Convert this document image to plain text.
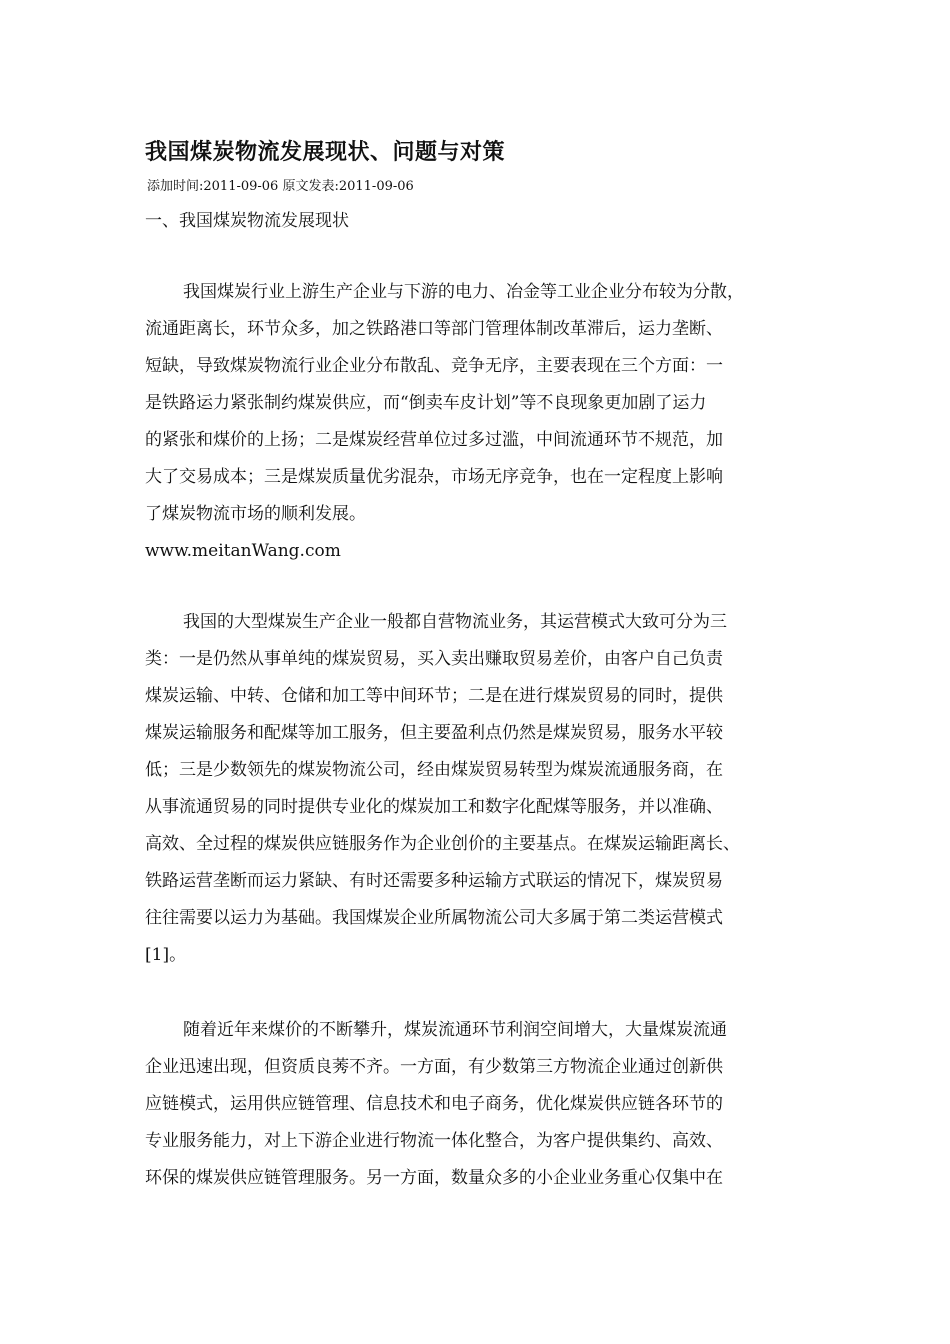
我国煤炭物流发展现状、问题与对策
添加时间:2011-09-06 原文发表:2011-09-06
一、我国煤炭物流发展现状
我国煤炭行业上游生产企业与下游的电力、冶金等工业企业分布较为分散，
流通距离长，环节众多，加之铁路港口等部门管理体制改革滞后，运力垄断、
短缺，导致煤炭物流行业企业分布散乱、竞争无序，主要表现在三个方面：一
是铁路运力紧张制约煤炭供应，而“倒卖车皮计划”等不良现象更加剧了运力
的紧张和煤价的上扬；二是煤炭经营单位过多过滥，中间流通环节不规范，加
大了交易成本；三是煤炭质量优劣混杂，市场无序竞争，也在一定程度上影响
了煤炭物流市场的顺利发展。
www.meitanWang.com
我国的大型煤炭生产企业一般都自营物流业务，其运营模式大致可分为三
类：一是仍然从事单纯的煤炭贸易，买入卖出赚取贸易差价，由客户自己负责
煤炭运输、中转、仓储和加工等中间环节；二是在进行煤炭贸易的同时，提供
煤炭运输服务和配煤等加工服务，但主要盈利点仍然是煤炭贸易，服务水平较
低；三是少数领先的煤炭物流公司，经由煤炭贸易转型为煤炭流通服务商，在
从事流通贸易的同时提供专业化的煤炭加工和数字化配煤等服务，并以准确、
高效、全过程的煤炭供应链服务作为企业创价的主要基点。在煤炭运输距离长、
铁路运营垄断而运力紧缺、有时还需要多种运输方式联运的情况下，煤炭贸易
往往需要以运力为基础。我国煤炭企业所属物流公司大多属于第二类运营模式
[1]。
随着近年来煤价的不断攀升，煤炭流通环节利润空间增大，大量煤炭流通
企业迅速出现，但资质良莠不齐。一方面，有少数第三方物流企业通过创新供
应链模式，运用供应链管理、信息技术和电子商务，优化煤炭供应链各环节的
专业服务能力，对上下游企业进行物流一体化整合，为客户提供集约、高效、
环保的煤炭供应链管理服务。另一方面，数量众多的小企业业务重心仅集中在
